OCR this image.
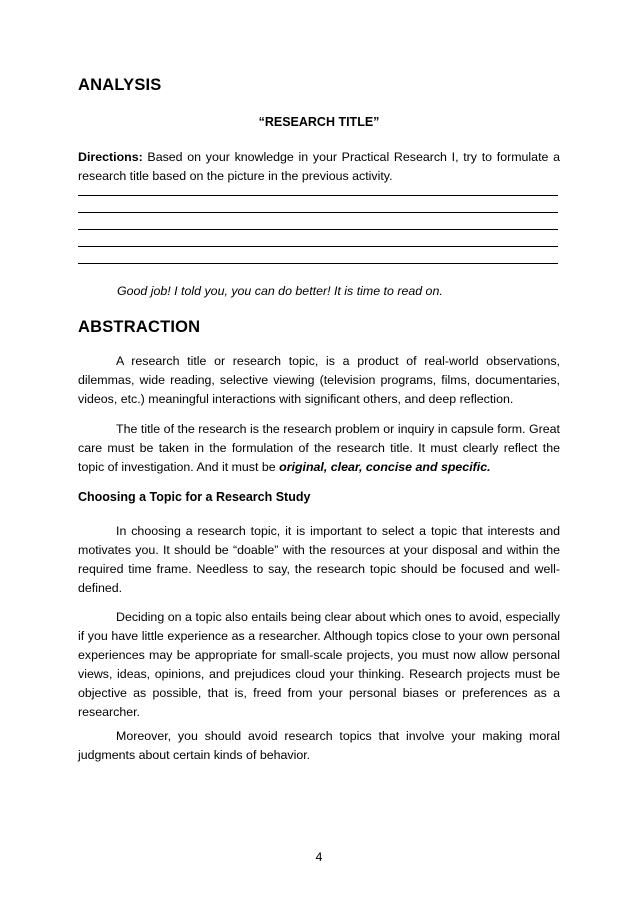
ANALYSIS
“RESEARCH TITLE”

Directions: Based on your knowledge in your Practical Research I, try to formulate a research title based on the picture in the previous activity.

Good job! I told you, you can do better! It is time to read on.
ABSTRACTION

A research title or research topic, is a product of real-world observations, dilemmas, wide reading, selective viewing (television programs, films, documentaries, videos, etc.) meaningful interactions with significant others, and deep reflection.

The title of the research is the research problem or inquiry in capsule form. Great care must be taken in the formulation of the research title. It must clearly reflect the topic of investigation. And it must be original, clear, concise and specific.

Choosing a Topic for a Research Study

In choosing a research topic, it is important to select a topic that interests and motivates you. It should be “doable” with the resources at your disposal and within the required time frame. Needless to say, the research topic should be focused and well-defined.

Deciding on a topic also entails being clear about which ones to avoid, especially if you have little experience as a researcher. Although topics close to your own personal experiences may be appropriate for small-scale projects, you must now allow personal views, ideas, opinions, and prejudices cloud your thinking. Research projects must be objective as possible, that is, freed from your personal biases or preferences as a researcher.

Moreover, you should avoid research topics that involve your making moral judgments about certain kinds of behavior.

4
